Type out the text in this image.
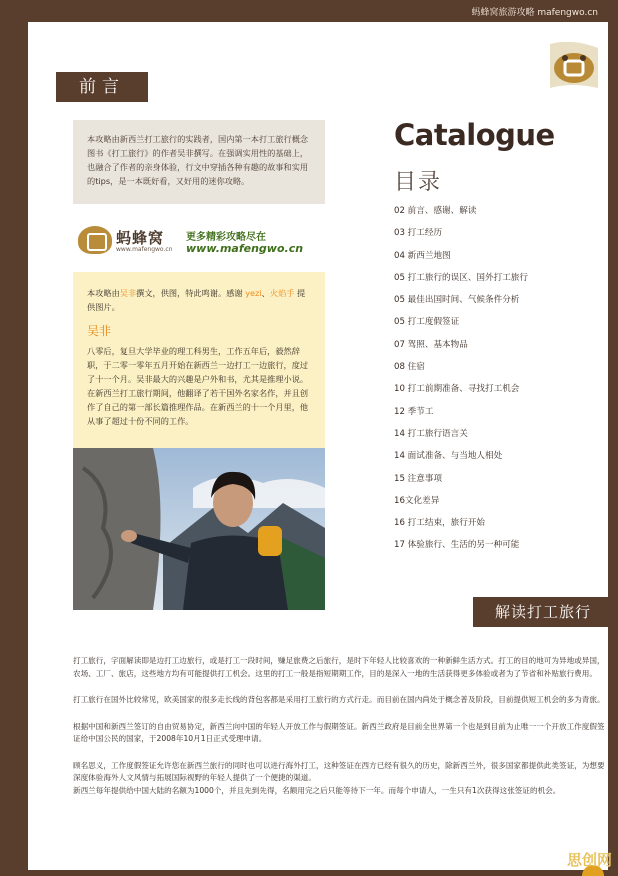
蚂蜂窝旅游攻略 mafengwo.cn
前言
本攻略由新西兰打工旅行的实践者，国内第一本打工旅行概念图书《打工旅行》的作者吴非撰写。在强调实用性的基础上，也融合了作者的亲身体验，行文中穿插各种有趣的故事和实用的tips，是一本既好看，又好用的迷你攻略。
蚂蜂窝
www.mafengwo.cn
更多精彩攻略尽在
www.mafengwo.cn
本攻略由吴非撰文，供图，特此鸣谢。感谢 yezi、火焰手 提供图片。
吴非
八零后，复旦大学毕业的理工科男生，工作五年后，毅然辞职，于二零一零年五月开始在新西兰一边打工一边旅行，度过了十一个月。吴非最大的兴趣是户外和书，尤其是推理小说。在新西兰打工旅行期间，他翻译了若干国外名家名作，并且创作了自己的第一部长篇推理作品。在新西兰的十一个月里，他从事了超过十份不同的工作。
Catalogue
目录
02 前言、感谢、解读
03 打工经历
04 新西兰地图
05 打工旅行的误区、国外打工旅行
05 最佳出国时间、气候条件分析
05 打工度假签证
07 驾照、基本物品
08 住宿
10 打工前期准备、寻找打工机会
12 季节工
14 打工旅行语言关
14 面试准备、与当地人相处
15 注意事项
16文化差异
16 打工结束，旅行开始
17 体验旅行、生活的另一种可能
解读打工旅行

打工旅行，字面解读即是边打工边旅行，或是打工一段时间，赚足旅费之后旅行，是时下年轻人比较喜欢的一种新鲜生活方式。打工的目的地可为异地或异国，农场、工厂、旅店，这些地方均有可能提供打工机会。这里的打工一般是指短期期工作，目的是深入一地的生活获得更多体验或者为了节省和补贴旅行费用。

打工旅行在国外比较常见，欧美国家的很多走长线的背包客都是采用打工旅行的方式行走。而目前在国内尚处于概念普及阶段，目前提供短工机会的多为青旅。

根据中国和新西兰签订的自由贸易协定，新西兰向中国的年轻人开放工作与假期签证。新西兰政府是目前全世界第一个也是到目前为止唯一一个开放工作度假签证给中国公民的国家，于2008年10月1日正式受理申请。

顾名思义，工作度假签证允许您在新西兰旅行的同时也可以进行海外打工，这种签证在西方已经有很久的历史，除新西兰外，很多国家都提供此类签证，为想要深度体验海外人文风情与拓展国际视野的年轻人提供了一个便捷的渠道。

新西兰每年提供给中国大陆的名额为1000个，并且先到先得，名额用完之后只能等待下一年。而每个申请人，一生只有1次获得这张签证的机会。

思创网
